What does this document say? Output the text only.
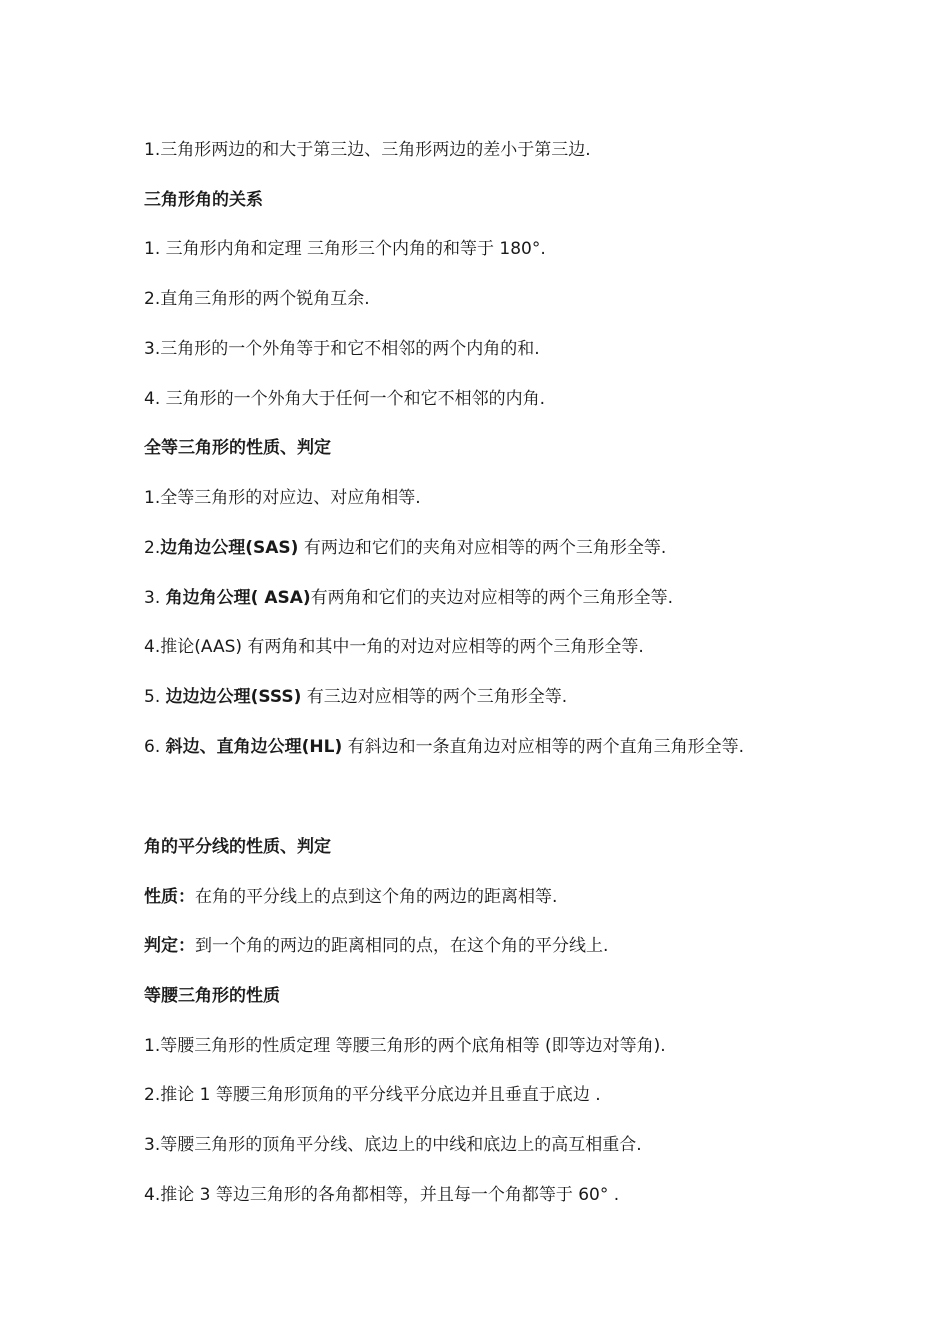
1.三角形两边的和大于第三边、三角形两边的差小于第三边.
三角形角的关系
1. 三角形内角和定理 三角形三个内角的和等于 180°.
2.直角三角形的两个锐角互余.
3.三角形的一个外角等于和它不相邻的两个内角的和.
4. 三角形的一个外角大于任何一个和它不相邻的内角.
全等三角形的性质、判定
1.全等三角形的对应边、对应角相等.
2.边角边公理(SAS) 有两边和它们的夹角对应相等的两个三角形全等.
3. 角边角公理( ASA)有两角和它们的夹边对应相等的两个三角形全等.
4.推论(AAS) 有两角和其中一角的对边对应相等的两个三角形全等.
5. 边边边公理(SSS) 有三边对应相等的两个三角形全等.
6. 斜边、直角边公理(HL) 有斜边和一条直角边对应相等的两个直角三角形全等.
角的平分线的性质、判定
性质：在角的平分线上的点到这个角的两边的距离相等.
判定：到一个角的两边的距离相同的点，在这个角的平分线上.
等腰三角形的性质
1.等腰三角形的性质定理 等腰三角形的两个底角相等 (即等边对等角).
2.推论 1 等腰三角形顶角的平分线平分底边并且垂直于底边 .
3.等腰三角形的顶角平分线、底边上的中线和底边上的高互相重合.
4.推论 3 等边三角形的各角都相等，并且每一个角都等于 60° .
